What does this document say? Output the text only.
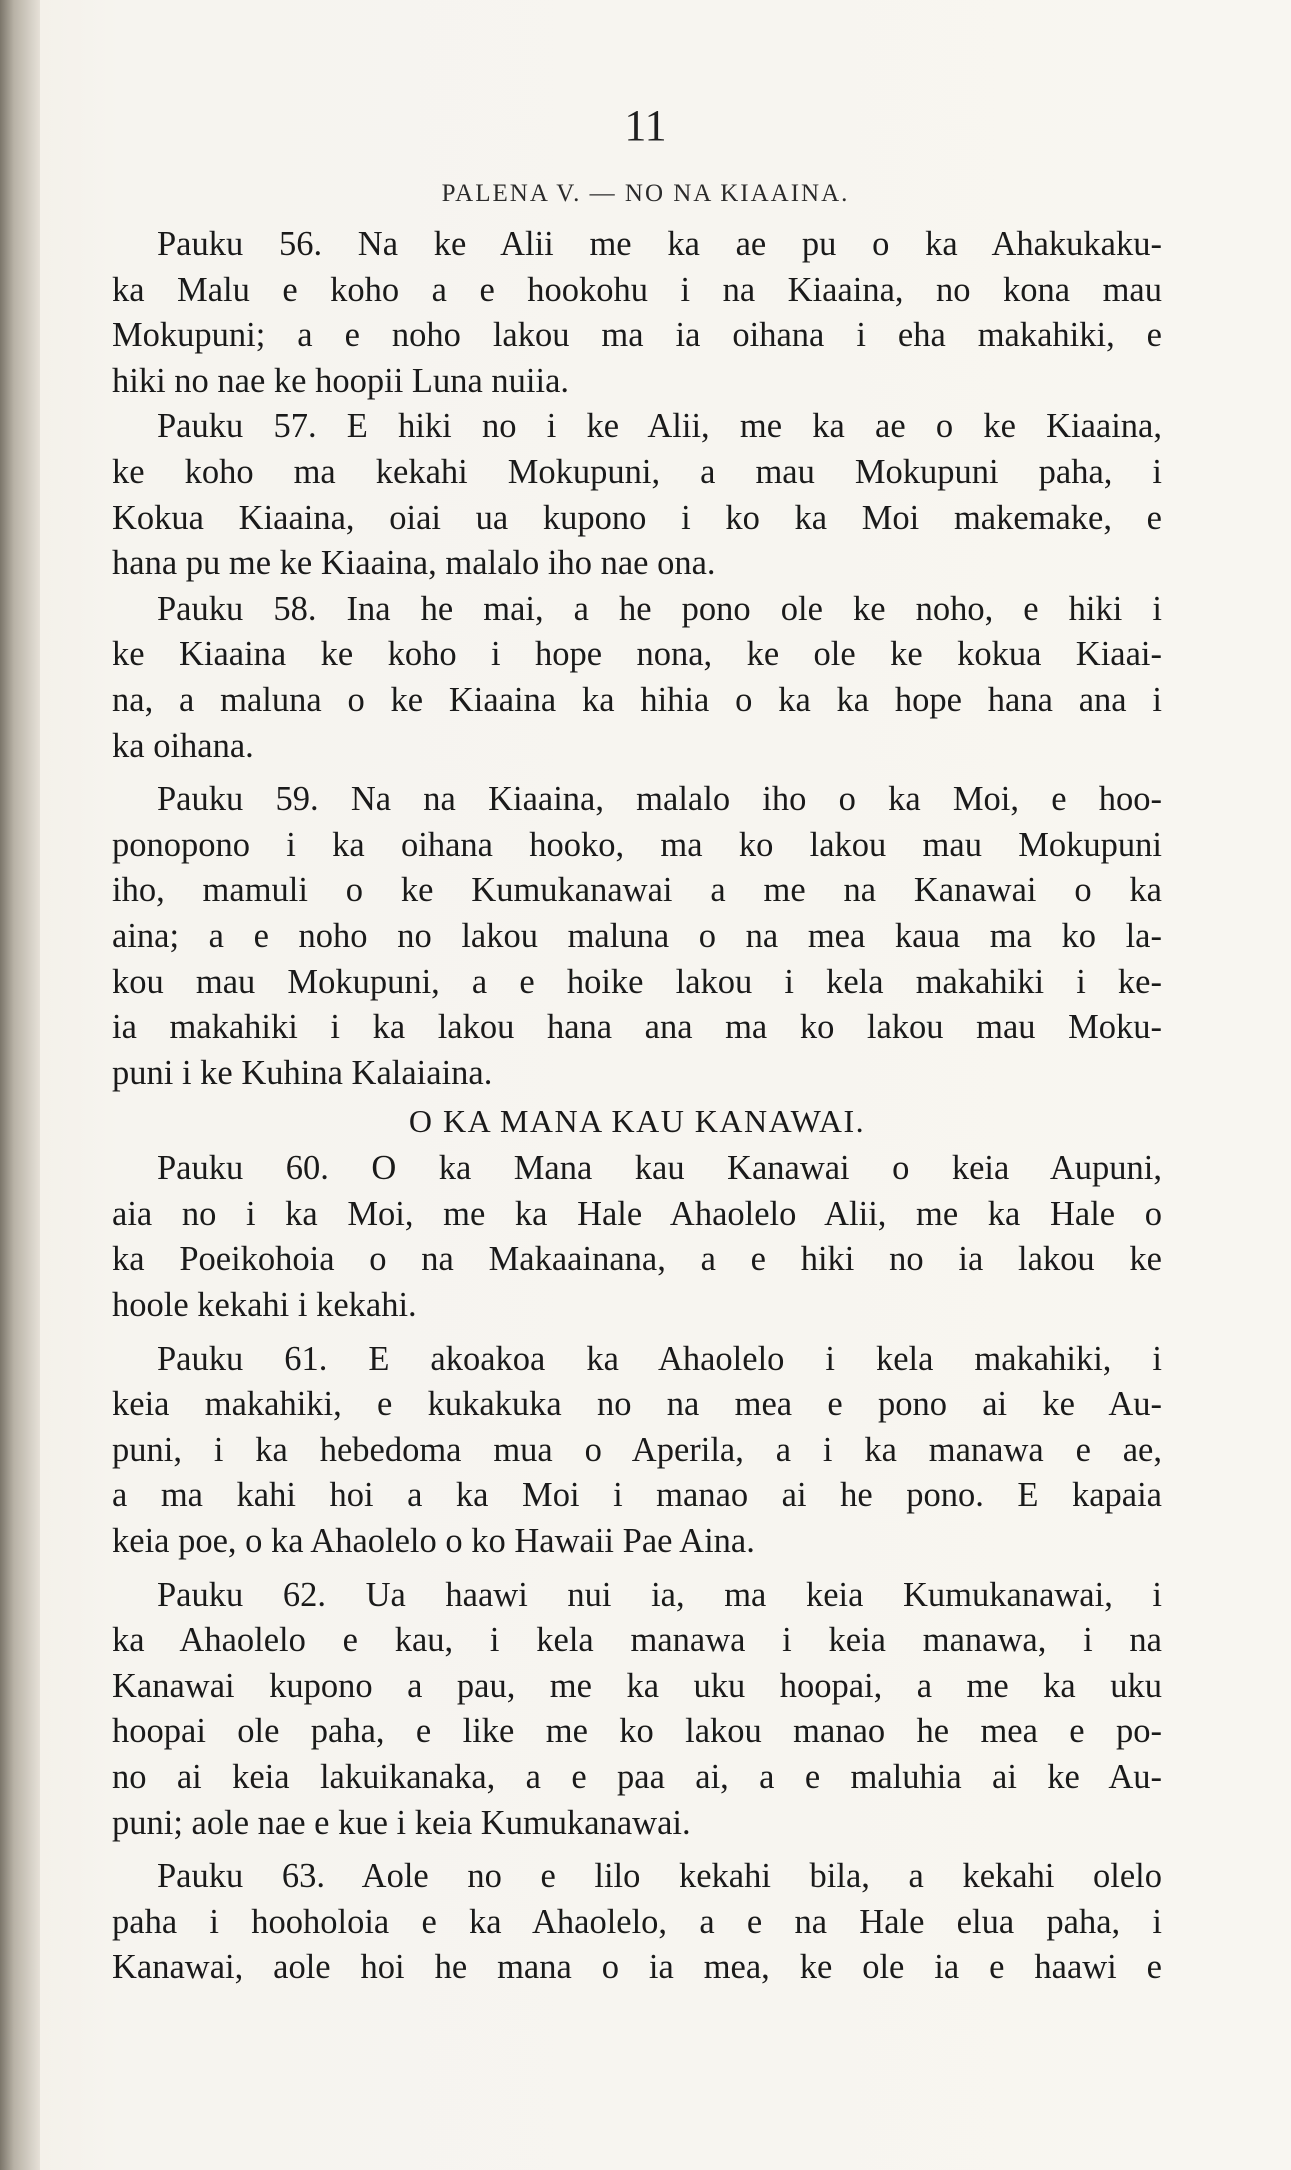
11
PALENA V. — NO NA KIAAINA.
Pauku 56. Na ke Alii me ka ae pu o ka Ahakukaku-
ka Malu e koho a e hookohu i na Kiaaina, no kona mau
Mokupuni; a e noho lakou ma ia oihana i eha makahiki, e
hiki no nae ke hoopii Luna nuiia.
Pauku 57. E hiki no i ke Alii, me ka ae o ke Kiaaina,
ke koho ma kekahi Mokupuni, a mau Mokupuni paha, i
Kokua Kiaaina, oiai ua kupono i ko ka Moi makemake, e
hana pu me ke Kiaaina, malalo iho nae ona.
Pauku 58. Ina he mai, a he pono ole ke noho, e hiki i
ke Kiaaina ke koho i hope nona, ke ole ke kokua Kiaai-
na, a maluna o ke Kiaaina ka hihia o ka ka hope hana ana i
ka oihana.
Pauku 59. Na na Kiaaina, malalo iho o ka Moi, e hoo-
ponopono i ka oihana hooko, ma ko lakou mau Mokupuni
iho, mamuli o ke Kumukanawai a me na Kanawai o ka
aina; a e noho no lakou maluna o na mea kaua ma ko la-
kou mau Mokupuni, a e hoike lakou i kela makahiki i ke-
ia makahiki i ka lakou hana ana ma ko lakou mau Moku-
puni i ke Kuhina Kalaiaina.
O KA MANA KAU KANAWAI.
Pauku 60. O ka Mana kau Kanawai o keia Aupuni,
aia no i ka Moi, me ka Hale Ahaolelo Alii, me ka Hale o
ka Poeikohoia o na Makaainana, a e hiki no ia lakou ke
hoole kekahi i kekahi.
Pauku 61. E akoakoa ka Ahaolelo i kela makahiki, i
keia makahiki, e kukakuka no na mea e pono ai ke Au-
puni, i ka hebedoma mua o Aperila, a i ka manawa e ae,
a ma kahi hoi a ka Moi i manao ai he pono. E kapaia
keia poe, o ka Ahaolelo o ko Hawaii Pae Aina.
Pauku 62. Ua haawi nui ia, ma keia Kumukanawai, i
ka Ahaolelo e kau, i kela manawa i keia manawa, i na
Kanawai kupono a pau, me ka uku hoopai, a me ka uku
hoopai ole paha, e like me ko lakou manao he mea e po-
no ai keia lakuikanaka, a e paa ai, a e maluhia ai ke Au-
puni; aole nae e kue i keia Kumukanawai.
Pauku 63. Aole no e lilo kekahi bila, a kekahi olelo
paha i hooholoia e ka Ahaolelo, a e na Hale elua paha, i
Kanawai, aole hoi he mana o ia mea, ke ole ia e haawi e
